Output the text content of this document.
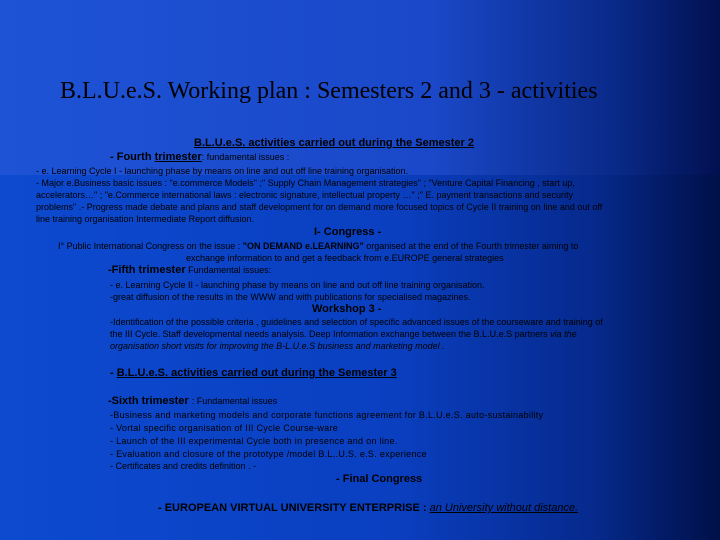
B.L.U.e.S. Working plan : Semesters 2 and 3 - activities
B.L.U.e.S. activities carried out during the Semester 2
- Fourth trimester: fundamental issues :
- e. Learning Cycle I - launching phase by means on line and out off line training organisation.
- Major e.Business basic issues : "e.commerce Models" ;" Supply Chain Management strategies" ; "Venture Capital Financing , start up,
accelerators…" ; "e.Commerce international laws : electronic signature, intellectual property …" ;" E. payment transactions and security
problems" .- Progress made debate and plans and staff development for on demand more focused topics of Cycle II training on line and out off
line training organisation Intermediate Report diffusion.
I- Congress -
I° Public International Congress on the issue : "ON DEMAND e.LEARNING" organised at the end of the Fourth trimester aiming to
exchange information to and get a feedback from e.EUROPE general strategies
-Fifth trimester Fundamental issues:
- e. Learning Cycle II - launching phase by means on line and out off line training organisation.
-great diffusion of the results in the WWW and with publications for specialised magazines.
Workshop 3 -
-Identification of the possible criteria , guidelines and selection of specific advanced issues of the courseware and training of
the III Cycle. Staff developmental needs analysis. Deep Information exchange between the B.L.U.e.S partners via the
organisation short visits for improving the B-L.U.e.S business and marketing model .
- B.L.U.e.S. activities carried out during the Semester 3
-Sixth trimester : Fundamental issues
-Business and marketing models and corporate functions agreement for B.L.U.e.S. auto-sustainability
- Vortal specific organisation of III Cycle Course-ware
- Launch of the III experimental Cycle both in presence and on line.
- Evaluation and closure of the prototype /model B.L..U.S. e.S. experience
- Certificates and credits definition . -
- Final Congress
- EUROPEAN VIRTUAL UNIVERSITY ENTERPRISE : an University without distance.
